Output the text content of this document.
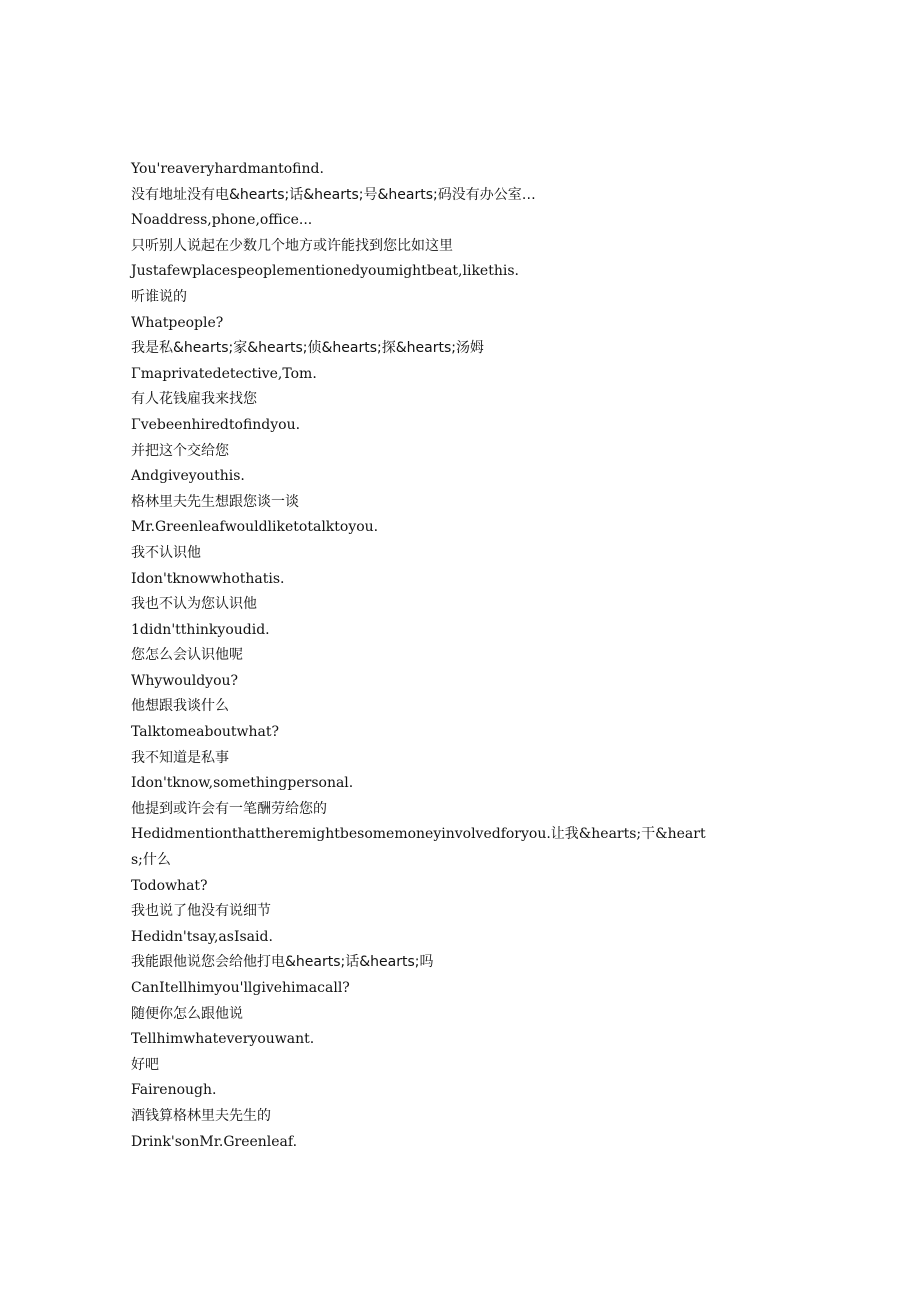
You'reaveryhardmantofind.
没有地址没有电&hearts;话&hearts;号&hearts;码没有办公室…
Noaddress,phone,office...
只听别人说起在少数几个地方或许能找到您比如这里
Justafewplacespeoplementionedyoumightbeat,likethis.
听谁说的
Whatpeople?
我是私&hearts;家&hearts;侦&hearts;探&hearts;汤姆
Γmaprivatedetective,Tom.
有人花钱雇我来找您
Γvebeenhiredtofindyou.
并把这个交给您
Andgiveyouthis.
格林里夫先生想跟您谈一谈
Mr.Greenleafwouldliketotalktoyou.
我不认识他
Idon'tknowwhothatis.
我也不认为您认识他
1didn'tthinkyoudid.
您怎么会认识他呢
Whywouldyou?
他想跟我谈什么
Talktomeaboutwhat?
我不知道是私事
Idon'tknow,somethingpersonal.
他提到或许会有一笔酬劳给您的
Hedidmentionthattheremightbesomemoneyinvolvedforyou.让我&hearts;干&hearts;什么
Todowhat?
我也说了他没有说细节
Hedidn'tsay,asIsaid.
我能跟他说您会给他打电&hearts;话&hearts;吗
CanItellhimyou'llgivehimacall?
随便你怎么跟他说
Tellhimwhateveryouwant.
好吧
Fairenough.
酒钱算格林里夫先生的
Drink'sonMr.Greenleaf.
